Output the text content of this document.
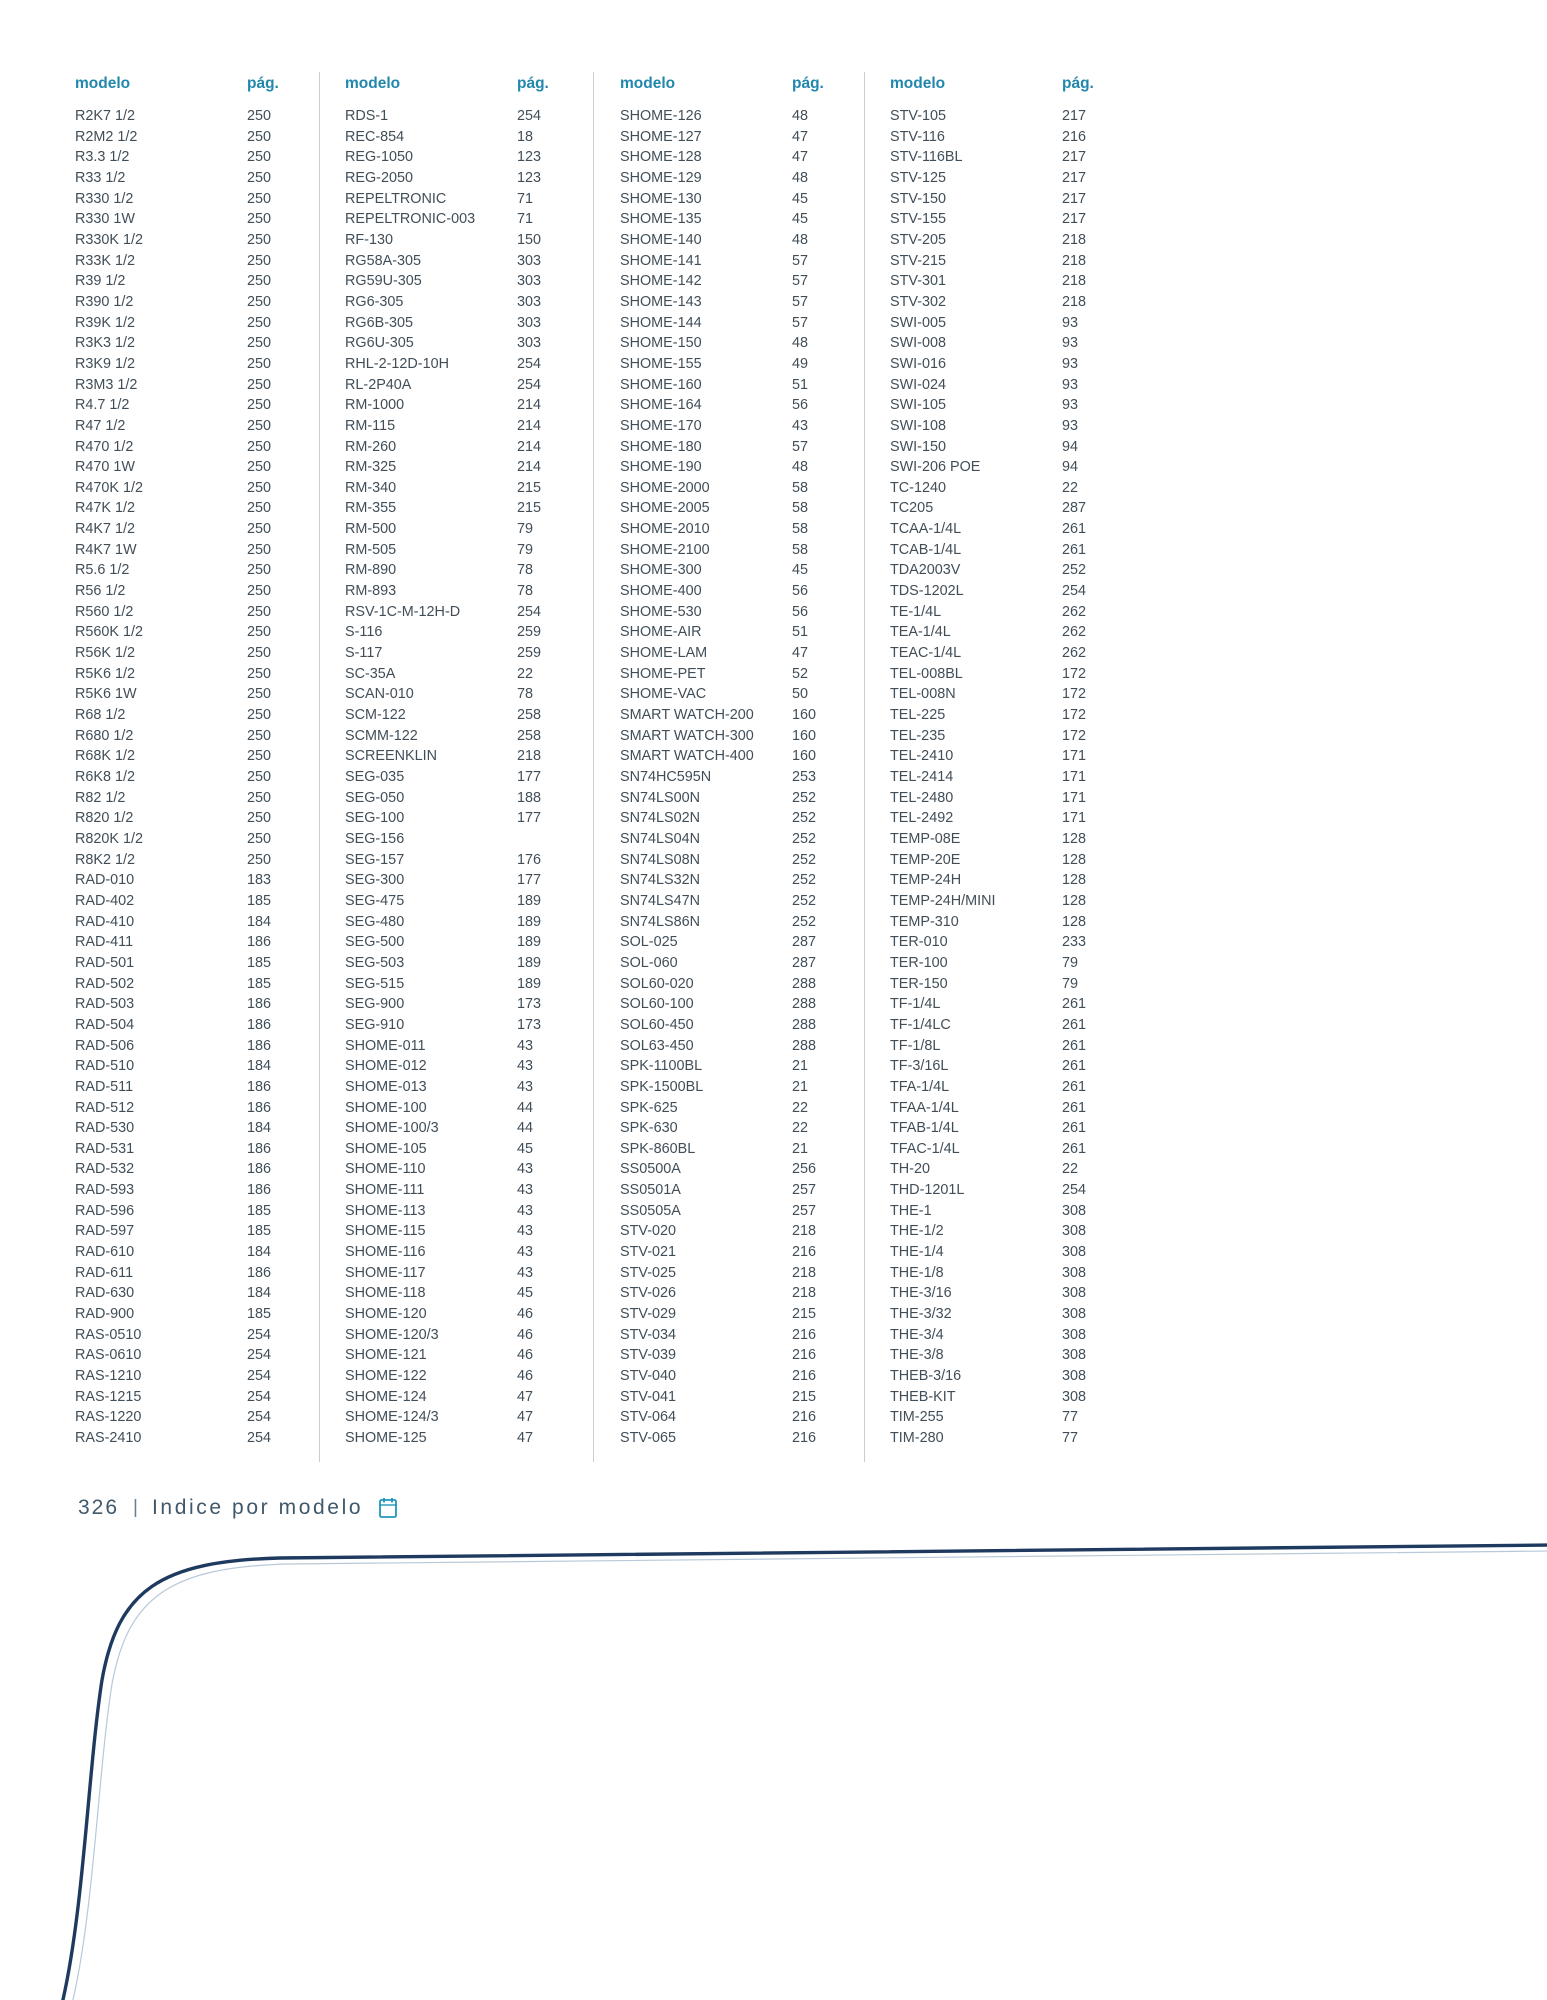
modelo	pág.
R2K7 1/2	250
R2M2 1/2	250
R3.3 1/2	250
R33 1/2	250
R330 1/2	250
R330 1W	250
R330K 1/2	250
R33K 1/2	250
R39 1/2	250
R390 1/2	250
R39K 1/2	250
R3K3 1/2	250
R3K9 1/2	250
R3M3 1/2	250
R4.7 1/2	250
R47 1/2	250
R470 1/2	250
R470 1W	250
R470K 1/2	250
R47K 1/2	250
R4K7 1/2	250
R4K7 1W	250
R5.6 1/2	250
R56 1/2	250
R560 1/2	250
R560K 1/2	250
R56K 1/2	250
R5K6 1/2	250
R5K6 1W	250
R68 1/2	250
R680 1/2	250
R68K 1/2	250
R6K8 1/2	250
R82 1/2	250
R820 1/2	250
R820K 1/2	250
R8K2 1/2	250
RAD-010	183
RAD-402	185
RAD-410	184
RAD-411	186
RAD-501	185
RAD-502	185
RAD-503	186
RAD-504	186
RAD-506	186
RAD-510	184
RAD-511	186
RAD-512	186
RAD-530	184
RAD-531	186
RAD-532	186
RAD-593	186
RAD-596	185
RAD-597	185
RAD-610	184
RAD-611	186
RAD-630	184
RAD-900	185
RAS-0510	254
RAS-0610	254
RAS-1210	254
RAS-1215	254
RAS-1220	254
RAS-2410	254
modelo	pág.
RDS-1	254
REC-854	18
REG-1050	123
REG-2050	123
REPELTRONIC	71
REPELTRONIC-003	71
RF-130	150
RG58A-305	303
RG59U-305	303
RG6-305	303
RG6B-305	303
RG6U-305	303
RHL-2-12D-10H	254
RL-2P40A	254
RM-1000	214
RM-115	214
RM-260	214
RM-325	214
RM-340	215
RM-355	215
RM-500	79
RM-505	79
RM-890	78
RM-893	78
RSV-1C-M-12H-D	254
S-116	259
S-117	259
SC-35A	22
SCAN-010	78
SCM-122	258
SCMM-122	258
SCREENKLIN	218
SEG-035	177
SEG-050	188
SEG-100	177
SEG-156
SEG-157	176
SEG-300	177
SEG-475	189
SEG-480	189
SEG-500	189
SEG-503	189
SEG-515	189
SEG-900	173
SEG-910	173
SHOME-011	43
SHOME-012	43
SHOME-013	43
SHOME-100	44
SHOME-100/3	44
SHOME-105	45
SHOME-110	43
SHOME-111	43
SHOME-113	43
SHOME-115	43
SHOME-116	43
SHOME-117	43
SHOME-118	45
SHOME-120	46
SHOME-120/3	46
SHOME-121	46
SHOME-122	46
SHOME-124	47
SHOME-124/3	47
SHOME-125	47
modelo	pág.
SHOME-126	48
SHOME-127	47
SHOME-128	47
SHOME-129	48
SHOME-130	45
SHOME-135	45
SHOME-140	48
SHOME-141	57
SHOME-142	57
SHOME-143	57
SHOME-144	57
SHOME-150	48
SHOME-155	49
SHOME-160	51
SHOME-164	56
SHOME-170	43
SHOME-180	57
SHOME-190	48
SHOME-2000	58
SHOME-2005	58
SHOME-2010	58
SHOME-2100	58
SHOME-300	45
SHOME-400	56
SHOME-530	56
SHOME-AIR	51
SHOME-LAM	47
SHOME-PET	52
SHOME-VAC	50
SMART WATCH-200	160
SMART WATCH-300	160
SMART WATCH-400	160
SN74HC595N	253
SN74LS00N	252
SN74LS02N	252
SN74LS04N	252
SN74LS08N	252
SN74LS32N	252
SN74LS47N	252
SN74LS86N	252
SOL-025	287
SOL-060	287
SOL60-020	288
SOL60-100	288
SOL60-450	288
SOL63-450	288
SPK-1100BL	21
SPK-1500BL	21
SPK-625	22
SPK-630	22
SPK-860BL	21
SS0500A	256
SS0501A	257
SS0505A	257
STV-020	218
STV-021	216
STV-025	218
STV-026	218
STV-029	215
STV-034	216
STV-039	216
STV-040	216
STV-041	215
STV-064	216
STV-065	216
modelo	pág.
STV-105	217
STV-116	216
STV-116BL	217
STV-125	217
STV-150	217
STV-155	217
STV-205	218
STV-215	218
STV-301	218
STV-302	218
SWI-005	93
SWI-008	93
SWI-016	93
SWI-024	93
SWI-105	93
SWI-108	93
SWI-150	94
SWI-206 POE	94
TC-1240	22
TC205	287
TCAA-1/4L	261
TCAB-1/4L	261
TDA2003V	252
TDS-1202L	254
TE-1/4L	262
TEA-1/4L	262
TEAC-1/4L	262
TEL-008BL	172
TEL-008N	172
TEL-225	172
TEL-235	172
TEL-2410	171
TEL-2414	171
TEL-2480	171
TEL-2492	171
TEMP-08E	128
TEMP-20E	128
TEMP-24H	128
TEMP-24H/MINI	128
TEMP-310	128
TER-010	233
TER-100	79
TER-150	79
TF-1/4L	261
TF-1/4LC	261
TF-1/8L	261
TF-3/16L	261
TFA-1/4L	261
TFAA-1/4L	261
TFAB-1/4L	261
TFAC-1/4L	261
TH-20	22
THD-1201L	254
THE-1	308
THE-1/2	308
THE-1/4	308
THE-1/8	308
THE-3/16	308
THE-3/32	308
THE-3/4	308
THE-3/8	308
THEB-3/16	308
THEB-KIT	308
TIM-255	77
TIM-280	77
326 | Indice por modelo
